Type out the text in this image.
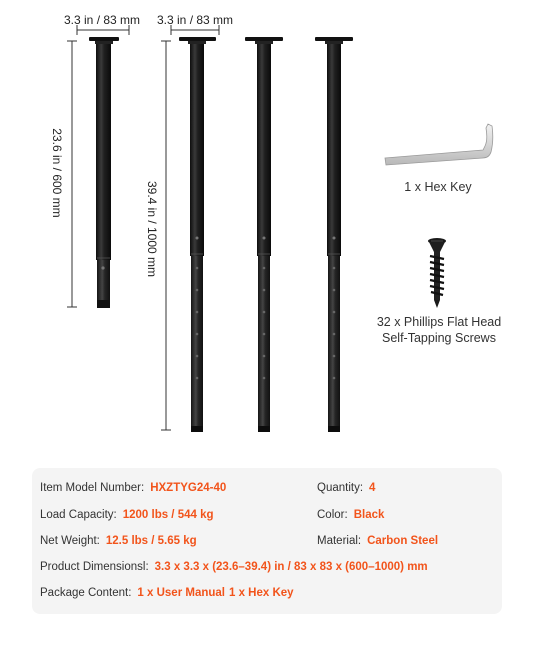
3.3 in / 83 mm 3.3 in / 83 mm
23.6 in / 600 mm
39.4 in / 1000 mm	1 x Hex Key
32 x Phillips Flat Head
Self-Tapping Screws
Item Model Number: HXZTYG24-40	Quantity: 4
Load Capacity: 1200 lbs / 544 kg	Color: Black
Net Weight: 12.5 lbs / 5.65 kg	Material: Carbon Steel
Product Dimensionsl: 3.3 x 3.3 x (23.6–39.4) in / 83 x 83 x (600–1000) mm
Package Content: 1 x User Manual 1 x Hex Key
